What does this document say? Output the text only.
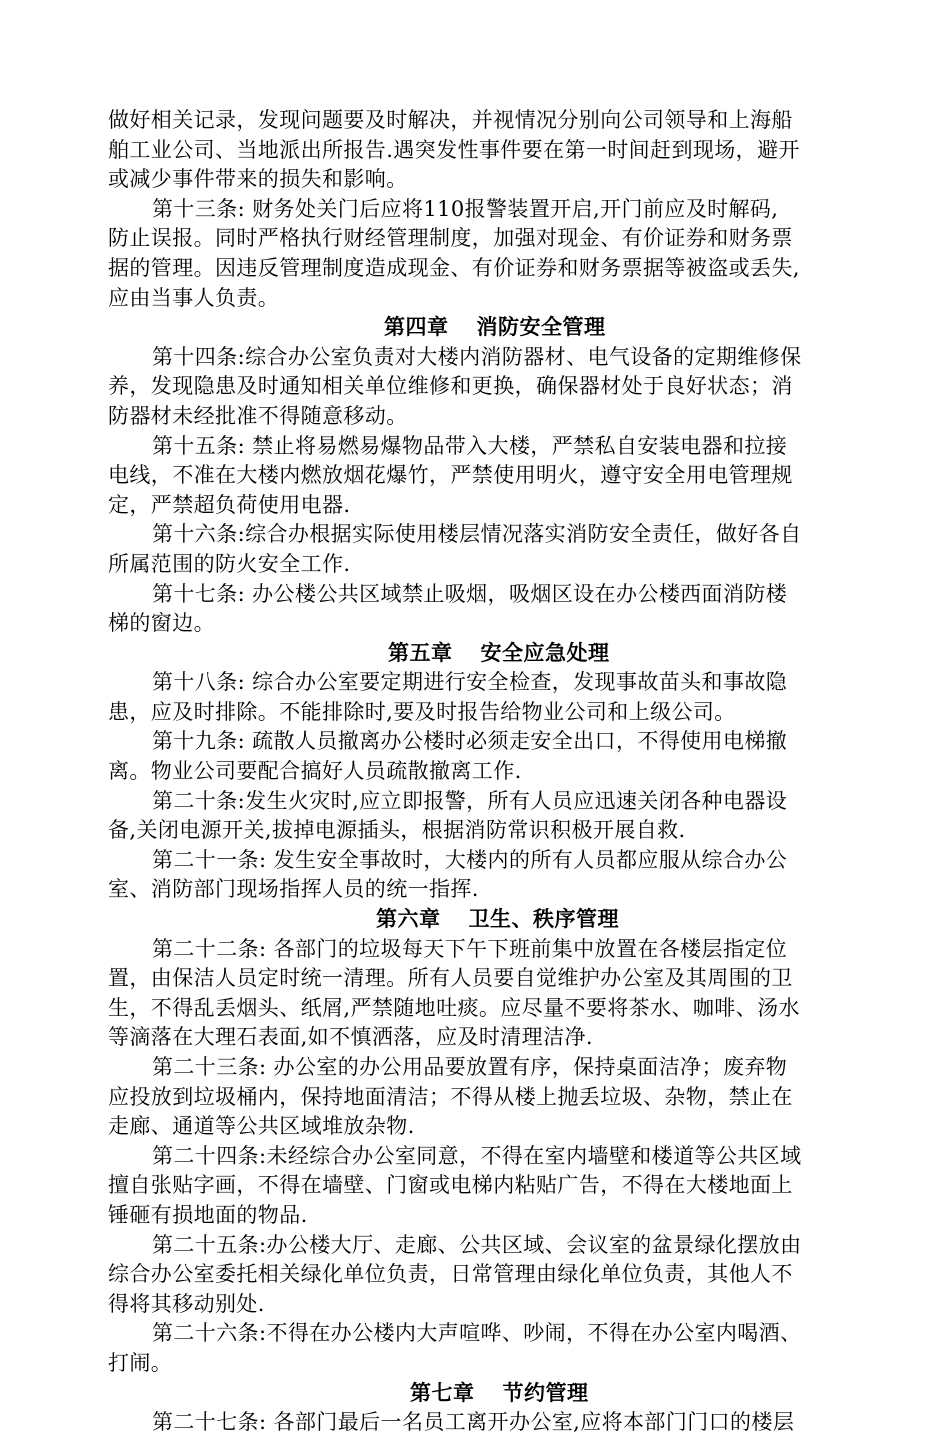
做好相关记录，发现问题要及时解决，并视情况分别向公司领导和上海船
舶工业公司、当地派出所报告.遇突发性事件要在第一时间赶到现场，避开
或减少事件带来的损失和影响。
第十三条: 财务处关门后应将110报警装置开启,开门前应及时解码,
防止误报。同时严格执行财经管理制度，加强对现金、有价证券和财务票
据的管理。因违反管理制度造成现金、有价证券和财务票据等被盗或丢失,
应由当事人负责。
第四章 消防安全管理
第十四条:综合办公室负责对大楼内消防器材、电气设备的定期维修保
养，发现隐患及时通知相关单位维修和更换，确保器材处于良好状态；消
防器材未经批准不得随意移动。
第十五条: 禁止将易燃易爆物品带入大楼，严禁私自安装电器和拉接
电线，不准在大楼内燃放烟花爆竹，严禁使用明火，遵守安全用电管理规
定，严禁超负荷使用电器.
第十六条:综合办根据实际使用楼层情况落实消防安全责任，做好各自
所属范围的防火安全工作.
第十七条: 办公楼公共区域禁止吸烟，吸烟区设在办公楼西面消防楼
梯的窗边。
第五章 安全应急处理
第十八条: 综合办公室要定期进行安全检查，发现事故苗头和事故隐
患，应及时排除。不能排除时,要及时报告给物业公司和上级公司。
第十九条: 疏散人员撤离办公楼时必须走安全出口，不得使用电梯撤
离。物业公司要配合搞好人员疏散撤离工作.
第二十条:发生火灾时,应立即报警，所有人员应迅速关闭各种电器设
备,关闭电源开关,拔掉电源插头，根据消防常识积极开展自救.
第二十一条: 发生安全事故时，大楼内的所有人员都应服从综合办公
室、消防部门现场指挥人员的统一指挥.
第六章 卫生、秩序管理
第二十二条: 各部门的垃圾每天下午下班前集中放置在各楼层指定位
置，由保洁人员定时统一清理。所有人员要自觉维护办公室及其周围的卫
生，不得乱丢烟头、纸屑,严禁随地吐痰。应尽量不要将茶水、咖啡、汤水
等滴落在大理石表面,如不慎洒落，应及时清理洁净.
第二十三条: 办公室的办公用品要放置有序，保持桌面洁净；废弃物
应投放到垃圾桶内，保持地面清洁；不得从楼上抛丢垃圾、杂物，禁止在
走廊、通道等公共区域堆放杂物.
第二十四条:未经综合办公室同意，不得在室内墙壁和楼道等公共区域
擅自张贴字画，不得在墙壁、门窗或电梯内粘贴广告，不得在大楼地面上
锤砸有损地面的物品.
第二十五条:办公楼大厅、走廊、公共区域、会议室的盆景绿化摆放由
综合办公室委托相关绿化单位负责，日常管理由绿化单位负责，其他人不
得将其移动别处.
第二十六条:不得在办公楼内大声喧哗、吵闹，不得在办公室内喝酒、
打闹。
第七章 节约管理
第二十七条: 各部门最后一名员工离开办公室,应将本部门门口的楼层
